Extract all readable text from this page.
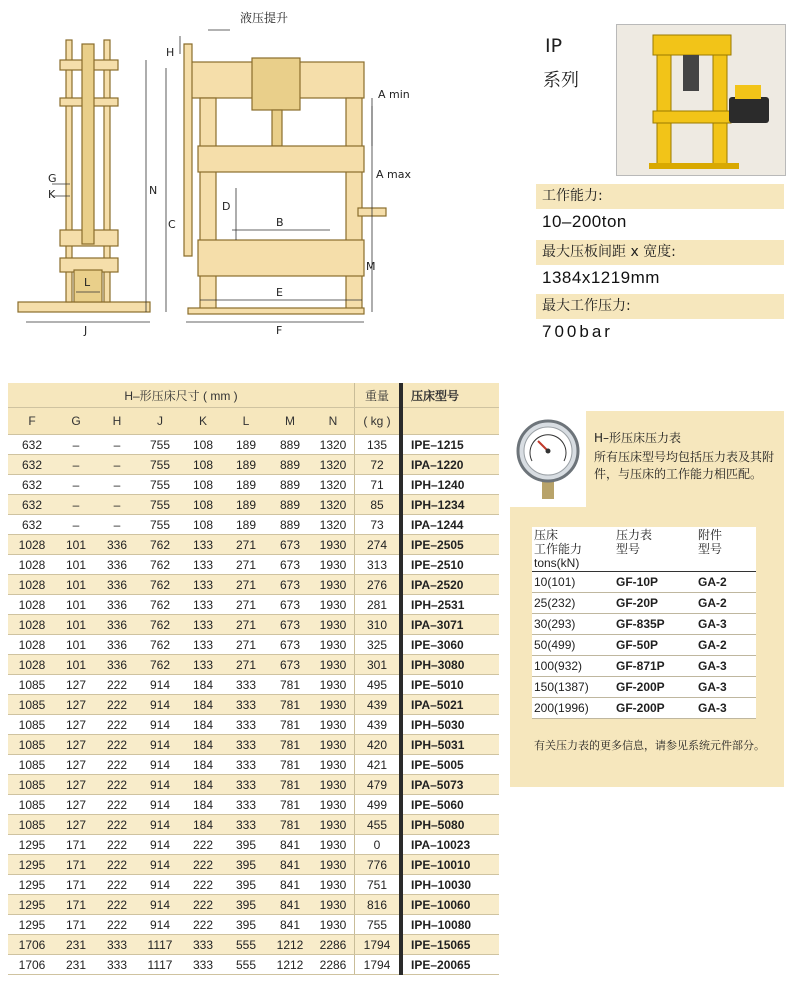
液压提升
H
G
K
L
J
N
C
D
B
E
F
A min
A max
M
IP
系列
工作能力:
10–200ton
最大压板间距 x 宽度:
1384x1219mm
最大工作压力:
700bar
H–形压床尺寸 ( mm )								重量	压床型号
F	G	H	J	K	L	M	N	( kg )	
632	–	–	755	108	189	889	1320	135	IPE–1215
632	–	–	755	108	189	889	1320	72	IPA–1220
632	–	–	755	108	189	889	1320	71	IPH–1240
632	–	–	755	108	189	889	1320	85	IPH–1234
632	–	–	755	108	189	889	1320	73	IPA–1244
1028	101	336	762	133	271	673	1930	274	IPE–2505
1028	101	336	762	133	271	673	1930	313	IPE–2510
1028	101	336	762	133	271	673	1930	276	IPA–2520
1028	101	336	762	133	271	673	1930	281	IPH–2531
1028	101	336	762	133	271	673	1930	310	IPA–3071
1028	101	336	762	133	271	673	1930	325	IPE–3060
1028	101	336	762	133	271	673	1930	301	IPH–3080
1085	127	222	914	184	333	781	1930	495	IPE–5010
1085	127	222	914	184	333	781	1930	439	IPA–5021
1085	127	222	914	184	333	781	1930	439	IPH–5030
1085	127	222	914	184	333	781	1930	420	IPH–5031
1085	127	222	914	184	333	781	1930	421	IPE–5005
1085	127	222	914	184	333	781	1930	479	IPA–5073
1085	127	222	914	184	333	781	1930	499	IPE–5060
1085	127	222	914	184	333	781	1930	455	IPH–5080
1295	171	222	914	222	395	841	1930	0	IPA–10023
1295	171	222	914	222	395	841	1930	776	IPE–10010
1295	171	222	914	222	395	841	1930	751	IPH–10030
1295	171	222	914	222	395	841	1930	816	IPE–10060
1295	171	222	914	222	395	841	1930	755	IPH–10080
1706	231	333	1117	333	555	1212	2286	1794	IPE–15065
1706	231	333	1117	333	555	1212	2286	1794	IPE–20065
H–形压床压力表
所有压床型号均包括压力表及其附件，与压床的工作能力相匹配。
压床
工作能力
tons(kN)	压力表
型号	附件
型号
10(101)	GF-10P	GA-2
25(232)	GF-20P	GA-2
30(293)	GF-835P	GA-3
50(499)	GF-50P	GA-2
100(932)	GF-871P	GA-3
150(1387)	GF-200P	GA-3
200(1996)	GF-200P	GA-3
有关压力表的更多信息，请参见系统元件部分。
